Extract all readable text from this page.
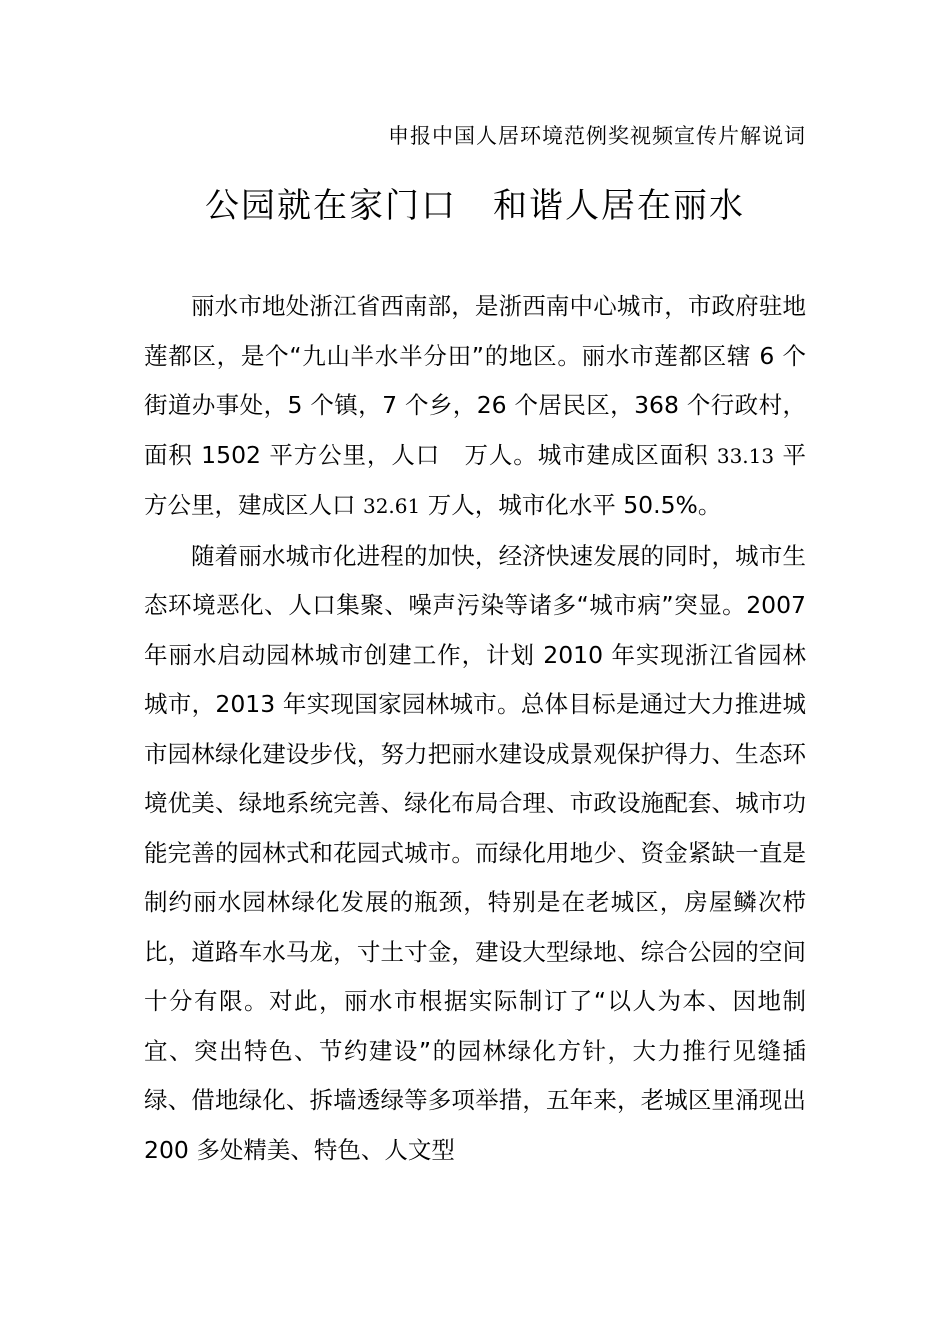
申报中国人居环境范例奖视频宣传片解说词
公园就在家门口　和谐人居在丽水

丽水市地处浙江省西南部，是浙西南中心城市，市政府驻地莲都区，是个“九山半水半分田”的地区。丽水市莲都区辖 6 个街道办事处，5 个镇，7 个乡，26 个居民区，368 个行政村，面积 1502 平方公里，人口　万人。城市建成区面积 33.13 平方公里，建成区人口 32.61 万人，城市化水平 50.5%。

随着丽水城市化进程的加快，经济快速发展的同时，城市生态环境恶化、人口集聚、噪声污染等诸多“城市病”突显。2007 年丽水启动园林城市创建工作，计划 2010 年实现浙江省园林城市，2013 年实现国家园林城市。总体目标是通过大力推进城市园林绿化建设步伐，努力把丽水建设成景观保护得力、生态环境优美、绿地系统完善、绿化布局合理、市政设施配套、城市功能完善的园林式和花园式城市。而绿化用地少、资金紧缺一直是制约丽水园林绿化发展的瓶颈，特别是在老城区，房屋鳞次栉比，道路车水马龙，寸土寸金，建设大型绿地、综合公园的空间十分有限。对此，丽水市根据实际制订了“以人为本、因地制宜、突出特色、节约建设”的园林绿化方针，大力推行见缝插绿、借地绿化、拆墙透绿等多项举措，五年来，老城区里涌现出 200 多处精美、特色、人文型
